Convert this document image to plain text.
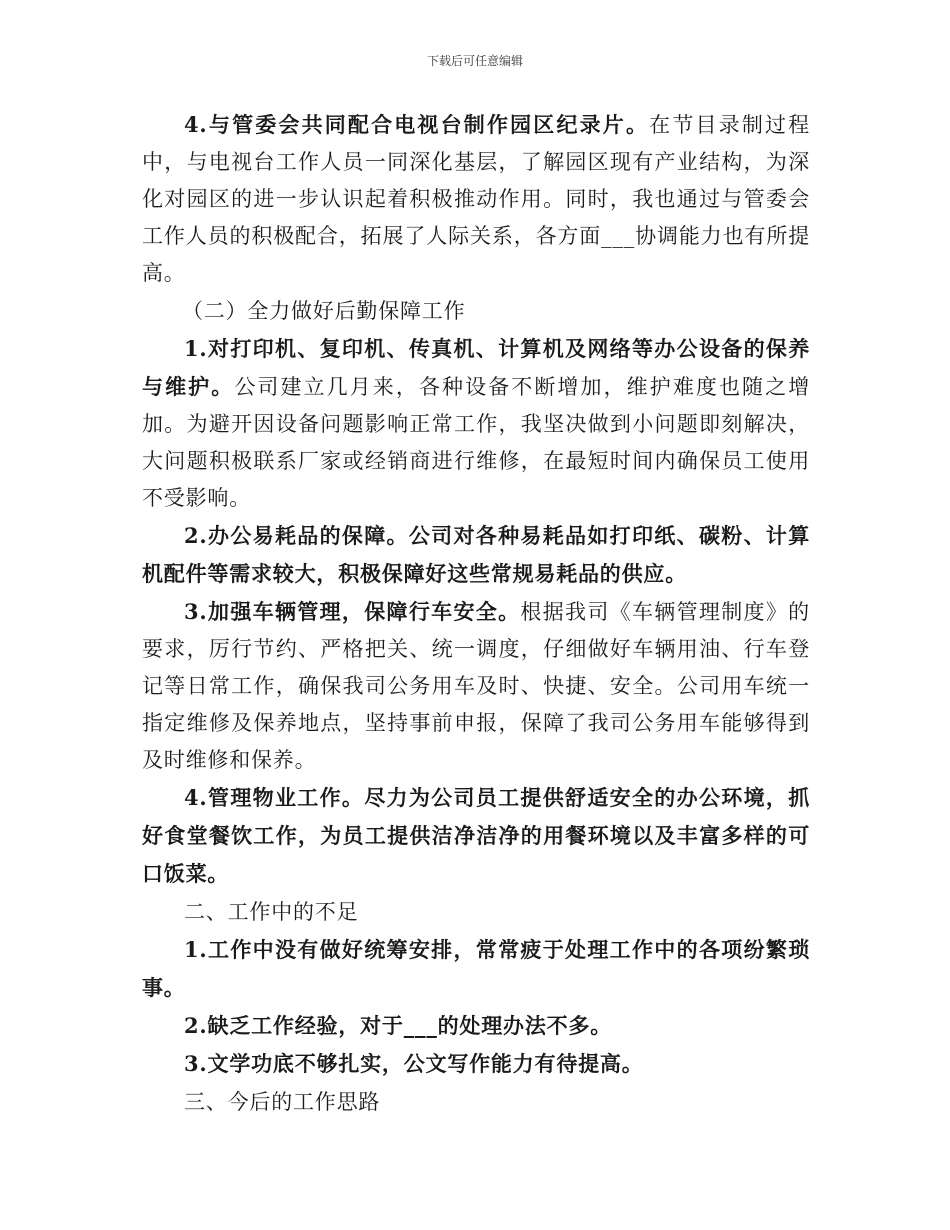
下载后可任意编辑

4.与管委会共同配合电视台制作园区纪录片。在节目录制过程中，与电视台工作人员一同深化基层，了解园区现有产业结构，为深化对园区的进一步认识起着积极推动作用。同时，我也通过与管委会工作人员的积极配合，拓展了人际关系，各方面___协调能力也有所提高。

（二）全力做好后勤保障工作

1.对打印机、复印机、传真机、计算机及网络等办公设备的保养与维护。公司建立几月来，各种设备不断增加，维护难度也随之增加。为避开因设备问题影响正常工作，我坚决做到小问题即刻解决，大问题积极联系厂家或经销商进行维修，在最短时间内确保员工使用不受影响。

2.办公易耗品的保障。公司对各种易耗品如打印纸、碳粉、计算机配件等需求较大，积极保障好这些常规易耗品的供应。

3.加强车辆管理，保障行车安全。根据我司《车辆管理制度》的要求，厉行节约、严格把关、统一调度，仔细做好车辆用油、行车登记等日常工作，确保我司公务用车及时、快捷、安全。公司用车统一指定维修及保养地点，坚持事前申报，保障了我司公务用车能够得到及时维修和保养。

4.管理物业工作。尽力为公司员工提供舒适安全的办公环境，抓好食堂餐饮工作，为员工提供洁净洁净的用餐环境以及丰富多样的可口饭菜。

二、工作中的不足

1.工作中没有做好统筹安排，常常疲于处理工作中的各项纷繁琐事。

2.缺乏工作经验，对于___的处理办法不多。

3.文学功底不够扎实，公文写作能力有待提高。

三、今后的工作思路
